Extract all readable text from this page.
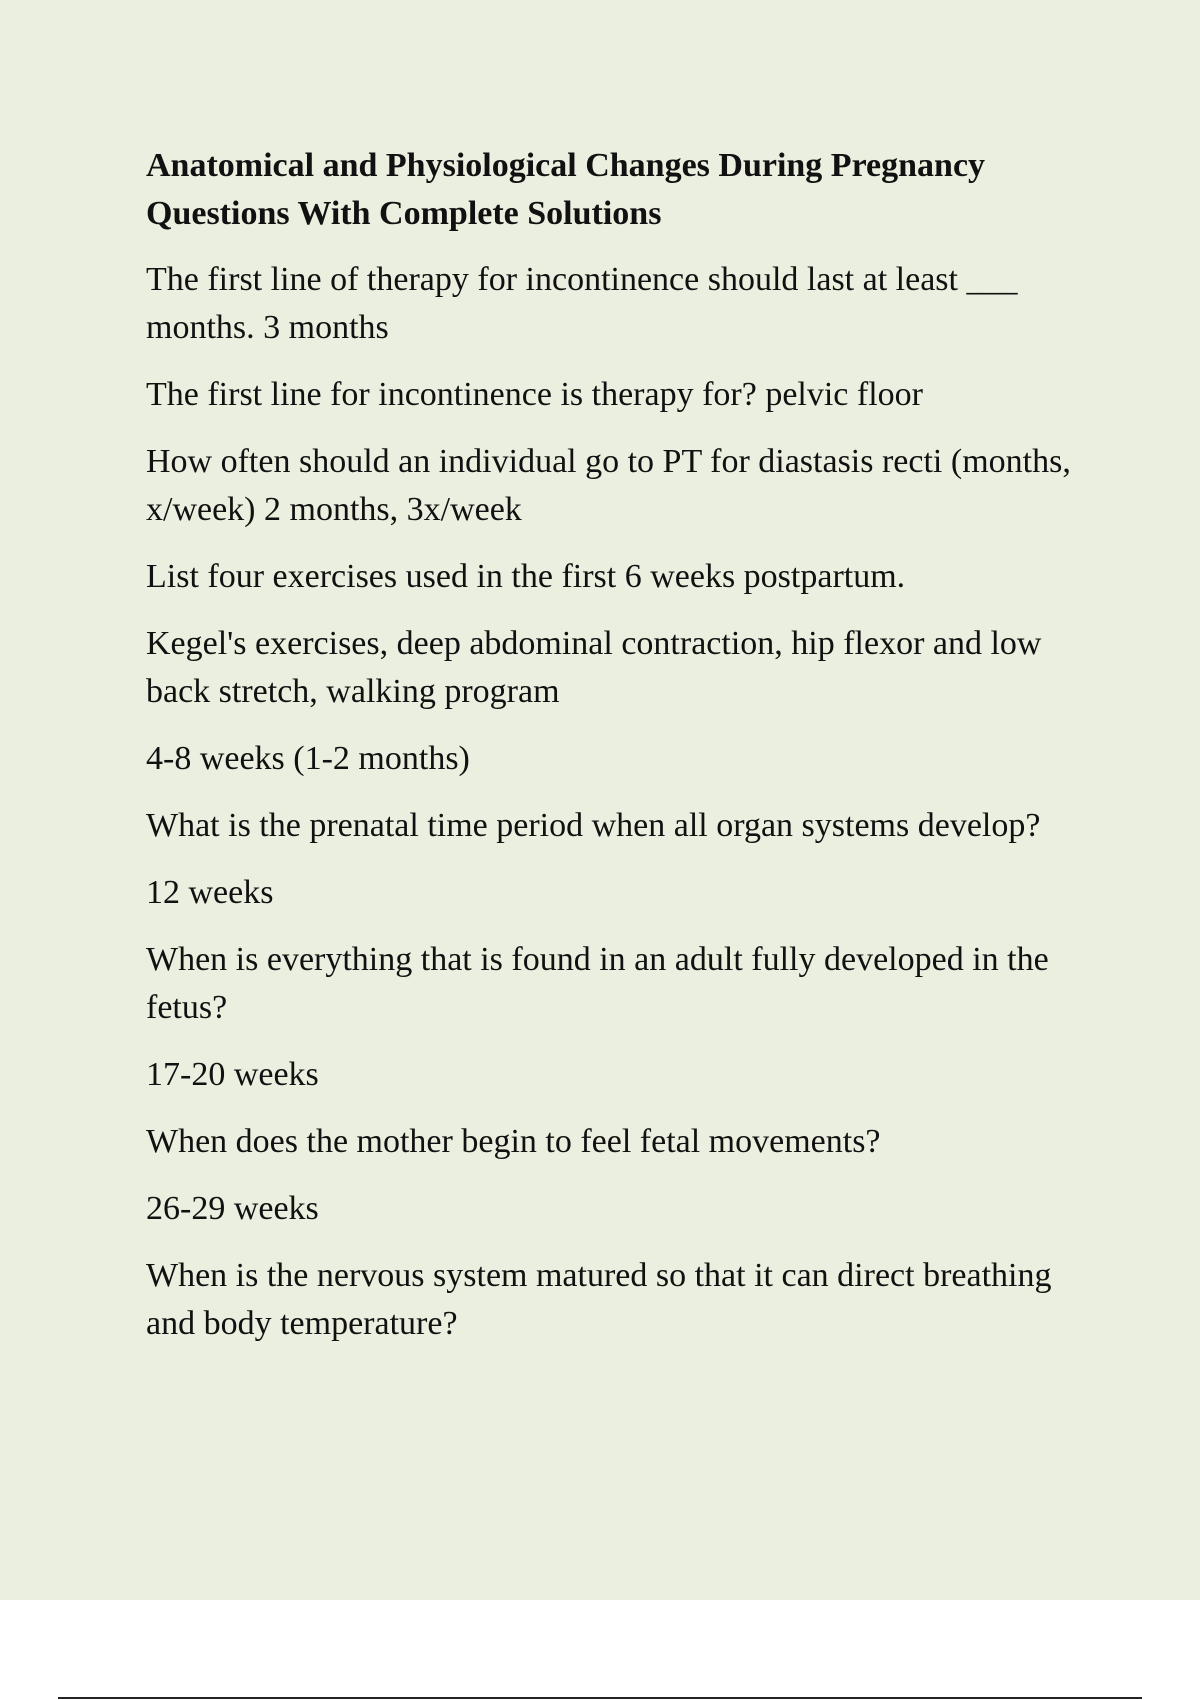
Anatomical and Physiological Changes During Pregnancy Questions With Complete Solutions

The first line of therapy for incontinence should last at least ___ months. 3 months

The first line for incontinence is therapy for? pelvic floor

How often should an individual go to PT for diastasis recti (months, x/week) 2 months, 3x/week

List four exercises used in the first 6 weeks postpartum.

Kegel's exercises, deep abdominal contraction, hip flexor and low back stretch, walking program

4-8 weeks (1-2 months)

What is the prenatal time period when all organ systems develop?

12 weeks

When is everything that is found in an adult fully developed in the fetus?

17-20 weeks

When does the mother begin to feel fetal movements?

26-29 weeks

When is the nervous system matured so that it can direct breathing and body temperature?
